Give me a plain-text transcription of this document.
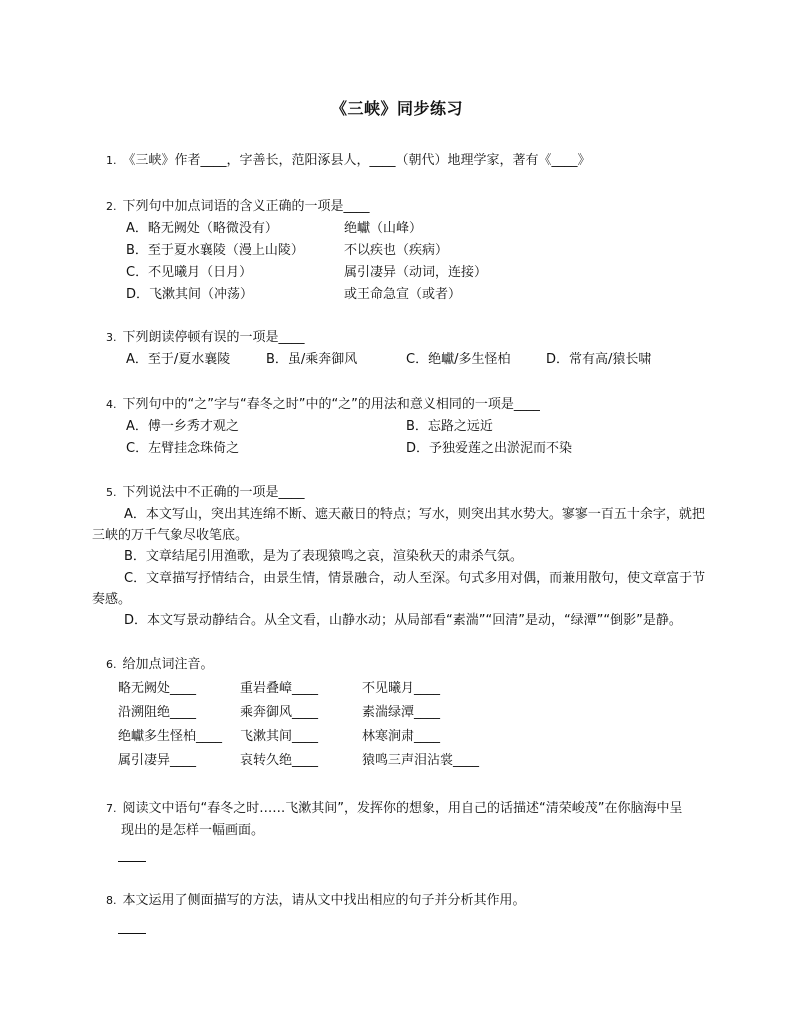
《三峡》同步练习
1. 《三峡》作者____，字善长，范阳涿县人，____（朝代）地理学家，著有《____》
2. 下列句中加点词语的含义正确的一项是____
A．略无阙处（略微没有）	绝巘（山峰）
B．至于夏水襄陵（漫上山陵）	不以疾也（疾病）
C．不见曦月（日月）	属引凄异（动词，连接）
D．飞漱其间（冲荡）	或王命急宣（或者）
3. 下列朗读停顿有误的一项是____
A．至于/夏水襄陵	B．虽/乘奔御风	C．绝巘/多生怪柏	D．常有高/猿长啸
4. 下列句中的“之”字与“春冬之时”中的“之”的用法和意义相同的一项是____
A．傅一乡秀才观之	B．忘路之远近
C．左臂挂念珠倚之	D．予独爱莲之出淤泥而不染
5. 下列说法中不正确的一项是____
A．本文写山，突出其连绵不断、遮天蔽日的特点；写水，则突出其水势大。寥寥一百五十余字，就把三峡的万千气象尽收笔底。
B．文章结尾引用渔歌，是为了表现猿鸣之哀，渲染秋天的肃杀气氛。
C．文章描写抒情结合，由景生情，情景融合，动人至深。句式多用对偶，而兼用散句，使文章富于节奏感。
D．本文写景动静结合。从全文看，山静水动；从局部看“素湍”“回清”是动，“绿潭”“倒影”是静。
6. 给加点词注音。
略无阙处____	重岩叠嶂____	不见曦月____
沿溯阻绝____	乘奔御风____	素湍绿潭____
绝巘多生怪柏____ 飞漱其间____	林寒涧肃____
属引凄异____	哀转久绝____	猿鸣三声泪沾裳____
7. 阅读文中语句“春冬之时……飞漱其间”，发挥你的想象，用自己的话描述“清荣峻茂”在你脑海中呈
现出的是怎样一幅画面。
8. 本文运用了侧面描写的方法，请从文中找出相应的句子并分析其作用。
